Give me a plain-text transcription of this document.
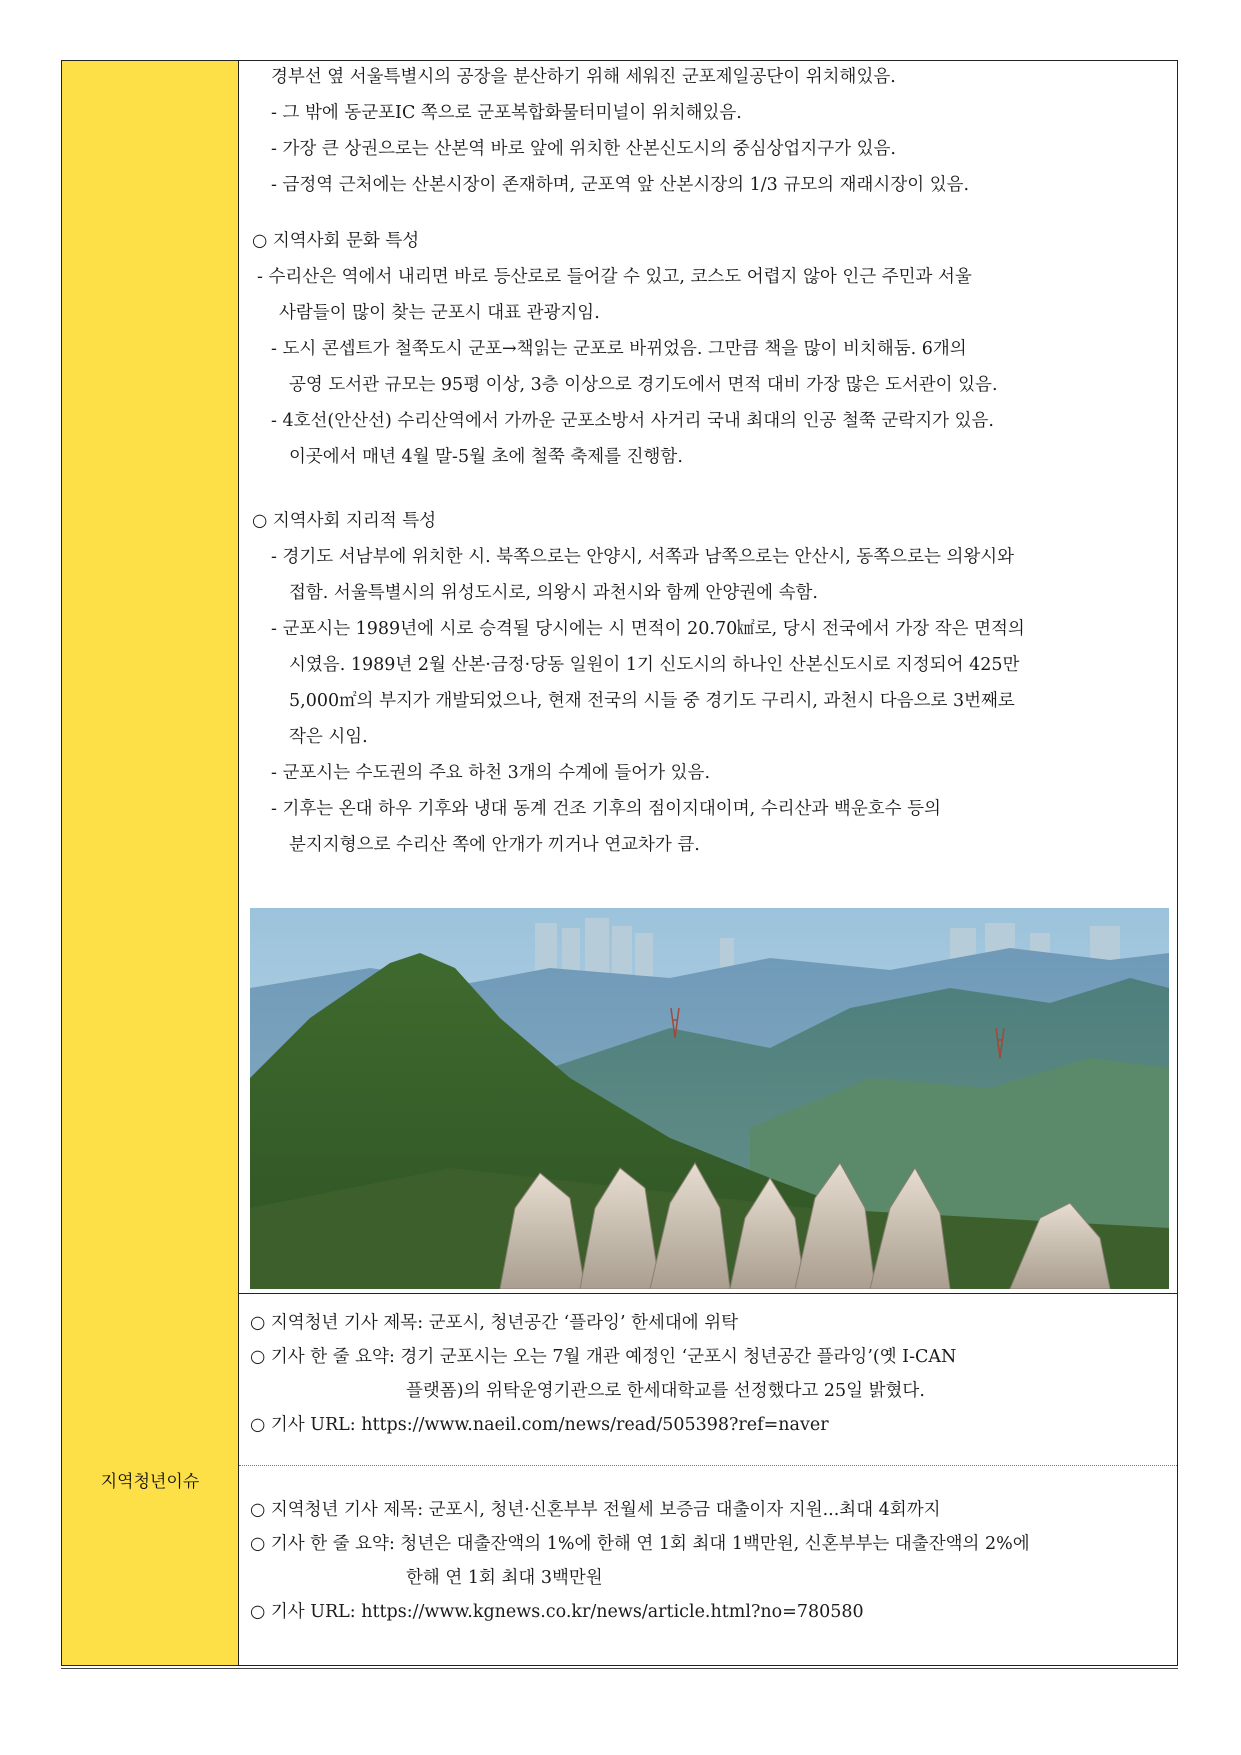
경부선 옆 서울특별시의 공장을 분산하기 위해 세워진 군포제일공단이 위치해있음.
- 그 밖에 동군포IC 쪽으로 군포복합화물터미널이 위치해있음.
- 가장 큰 상권으로는 산본역 바로 앞에 위치한 산본신도시의 중심상업지구가 있음.
- 금정역 근처에는 산본시장이 존재하며, 군포역 앞 산본시장의 1/3 규모의 재래시장이 있음.
○ 지역사회 문화 특성
- 수리산은 역에서 내리면 바로 등산로로 들어갈 수 있고, 코스도 어렵지 않아 인근 주민과 서울
사람들이 많이 찾는 군포시 대표 관광지임.
- 도시 콘셉트가 철쭉도시 군포→책읽는 군포로 바뀌었음. 그만큼 책을 많이 비치해둠. 6개의
공영 도서관 규모는 95평 이상, 3층 이상으로 경기도에서 면적 대비 가장 많은 도서관이 있음.
- 4호선(안산선) 수리산역에서 가까운 군포소방서 사거리 국내 최대의 인공 철쭉 군락지가 있음.
이곳에서 매년 4월 말-5월 초에 철쭉 축제를 진행함.
○ 지역사회 지리적 특성
- 경기도 서남부에 위치한 시. 북쪽으로는 안양시, 서쪽과 남쪽으로는 안산시, 동쪽으로는 의왕시와
접함. 서울특별시의 위성도시로, 의왕시 과천시와 함께 안양권에 속함.
- 군포시는 1989년에 시로 승격될 당시에는 시 면적이 20.70㎢로, 당시 전국에서 가장 작은 면적의
시였음. 1989년 2월 산본·금정·당동 일원이 1기 신도시의 하나인 산본신도시로 지정되어 425만
5,000㎡의 부지가 개발되었으나, 현재 전국의 시들 중 경기도 구리시, 과천시 다음으로 3번째로
작은 시임.
- 군포시는 수도권의 주요 하천 3개의 수계에 들어가 있음.
- 기후는 온대 하우 기후와 냉대 동계 건조 기후의 점이지대이며, 수리산과 백운호수 등의
분지지형으로 수리산 쪽에 안개가 끼거나 연교차가 큼.
지역청년이슈
○ 지역청년 기사 제목: 군포시, 청년공간 ‘플라잉’ 한세대에 위탁
○ 기사 한 줄 요약: 경기 군포시는 오는 7월 개관 예정인 ‘군포시 청년공간 플라잉’(옛 I-CAN
플랫폼)의 위탁운영기관으로 한세대학교를 선정했다고 25일 밝혔다.
○ 기사 URL: https://www.naeil.com/news/read/505398?ref=naver
○ 지역청년 기사 제목: 군포시, 청년·신혼부부 전월세 보증금 대출이자 지원...최대 4회까지
○ 기사 한 줄 요약: 청년은 대출잔액의 1%에 한해 연 1회 최대 1백만원, 신혼부부는 대출잔액의 2%에
한해 연 1회 최대 3백만원
○ 기사 URL: https://www.kgnews.co.kr/news/article.html?no=780580
